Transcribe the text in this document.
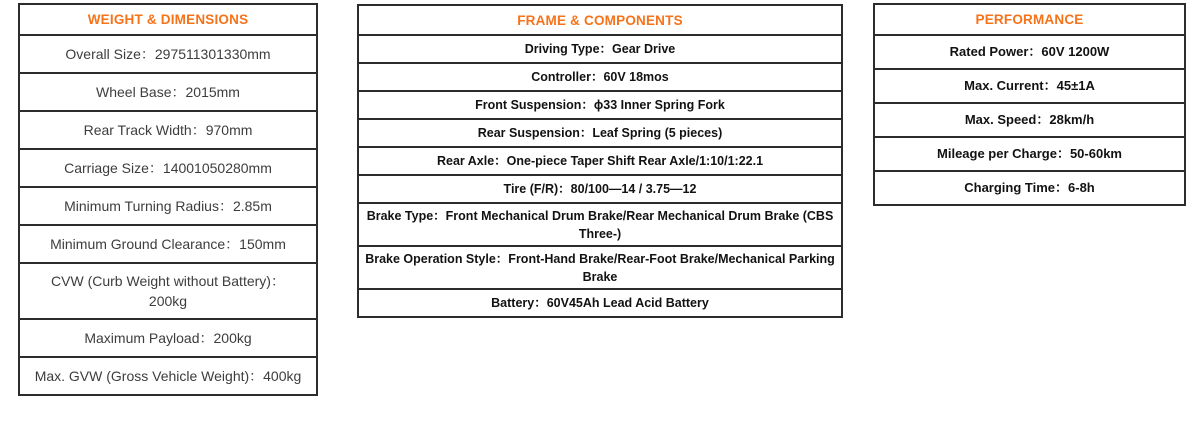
WEIGHT & DIMENSIONS
Overall Size：297511301330mm
Wheel Base：2015mm
Rear Track Width：970mm
Carriage Size：14001050280mm
Minimum Turning Radius：2.85m
Minimum Ground Clearance：150mm
CVW (Curb Weight without Battery)：200kg
Maximum Payload：200kg
Max. GVW (Gross Vehicle Weight)：400kg
FRAME & COMPONENTS
Driving Type：Gear Drive
Controller：60V 18mos
Front Suspension：ϕ33 Inner Spring Fork
Rear Suspension：Leaf Spring (5 pieces)
Rear Axle：One-piece Taper Shift Rear Axle/1:10/1:22.1
Tire (F/R)：80/100—14 / 3.75—12
Brake Type：Front Mechanical Drum Brake/Rear Mechanical Drum Brake (CBS Three-)
Brake Operation Style：Front-Hand Brake/Rear-Foot Brake/Mechanical Parking Brake
Battery：60V45Ah Lead Acid Battery
PERFORMANCE
Rated Power：60V 1200W
Max. Current：45±1A
Max. Speed：28km/h
Mileage per Charge：50-60km
Charging Time：6-8h
